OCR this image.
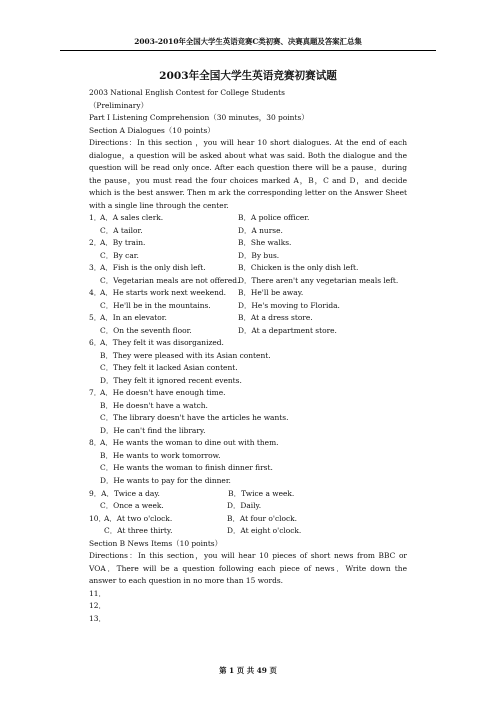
2003-2010年全国大学生英语竞赛C类初赛、决赛真题及答案汇总集
2003年全国大学生英语竞赛初赛试题

2003 National English Contest for College Students

（Preliminary）

Part I Listening Comprehension（30 minutes，30 points）

Section A Dialogues（10 points）

Directions：In this section ，you will hear 10 short dialogues. At the end of each dialogue，a question will be asked about what was said. Both the dialogue and the question will be read only once. After each question there will be a pause．during the pause，you must read the four choices marked A，B，C and D，and decide which is the best answer. Then m ark the corresponding letter on the Answer Sheet with a single line through the center.

1．
A．A sales clerk.	B．A police officer.
C．A tailor.	D．A nurse.
2．
A．By train.	B．She walks.
C．By car.	D．By bus.
3．
A．Fish is the only dish left.	B．Chicken is the only dish left.
C．Vegetarian meals are not offered.
D．There aren't any vegetarian meals left.
4．
A．He starts work next weekend.	B．He'll be away.
C．He'll be in the mountains.	D．He's moving to Florida.
5．
A．In an elevator.	B．At a dress store.
C．On the seventh floor.	D．At a department store.
6．
A．They felt it was disorganized.
B．They were pleased with its Asian content.
C．They felt it lacked Asian content.
D．They felt it ignored recent events.
7．
A．He doesn't have enough time.
B．He doesn't have a watch.
C．The library doesn't have the articles he wants.
D．He can't find the library.
8．
A．He wants the woman to dine out with them.
B．He wants to work tomorrow.
C．He wants the woman to finish dinner first.
D．He wants to pay for the dinner.
9． A．Twice a day.	B．Twice a week.
C．Once a week.	D．Daily.
10．
A．At two o'clock.	B．At four o'clock.
C．At three thirty.	D．At eight o'clock.

Section B News Items（10 points）

Directions：In this section，you will hear 10 pieces of short news from BBC or VOA．There will be a question following each piece of news．Write down the answer to each question in no more than 15 words.

11．

12．

13．

第 1 页 共 49 页
